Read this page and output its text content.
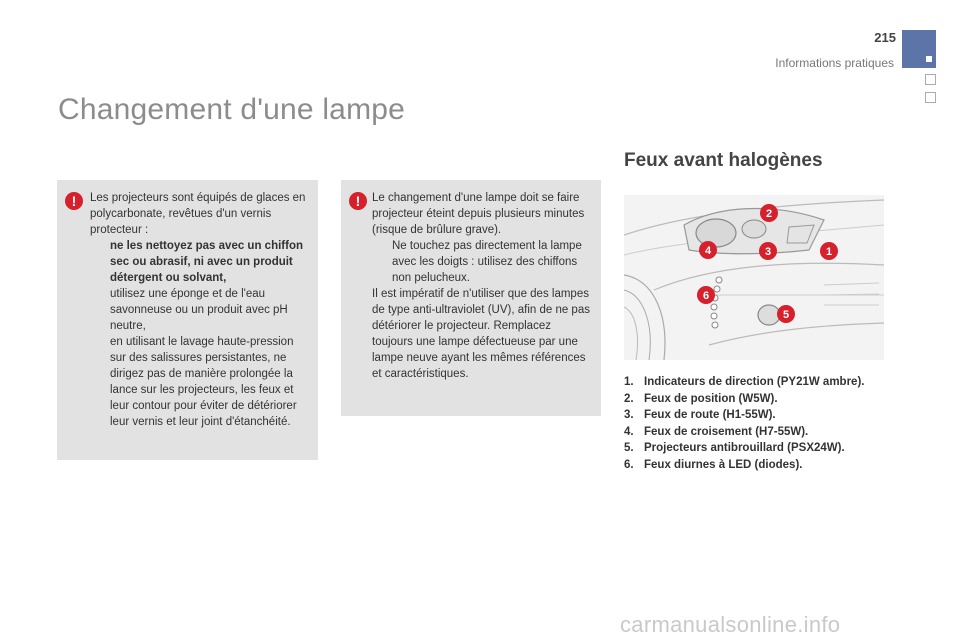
215
Informations pratiques
Changement d'une lampe
!	Les projecteurs sont équipés de glaces en polycarbonate, revêtues d'un vernis protecteur :

ne les nettoyez pas avec un chiffon sec ou abrasif, ni avec un produit détergent ou solvant,
utilisez une éponge et de l'eau savonneuse ou un produit avec pH neutre,
en utilisant le lavage haute-pression sur des salissures persistantes, ne dirigez pas de manière prolongée la lance sur les projecteurs, les feux et leur contour pour éviter de détériorer leur vernis et leur joint d'étanchéité.
!	Le changement d'une lampe doit se faire projecteur éteint depuis plusieurs minutes (risque de brûlure grave).

Ne touchez pas directement la lampe avec les doigts : utilisez des chiffons non pelucheux.

Il est impératif de n'utiliser que des lampes de type anti-ultraviolet (UV), afin de ne pas détériorer le projecteur. Remplacez toujours une lampe défectueuse par une lampe neuve ayant les mêmes références et caractéristiques.

Feux avant halogènes
1
2
3
4
5
6
1. Indicateurs de direction (PY21W ambre).
2. Feux de position (W5W).
3. Feux de route (H1-55W).
4. Feux de croisement (H7-55W).
5. Projecteurs antibrouillard (PSX24W).
6. Feux diurnes à LED (diodes).
carmanualsonline.info
